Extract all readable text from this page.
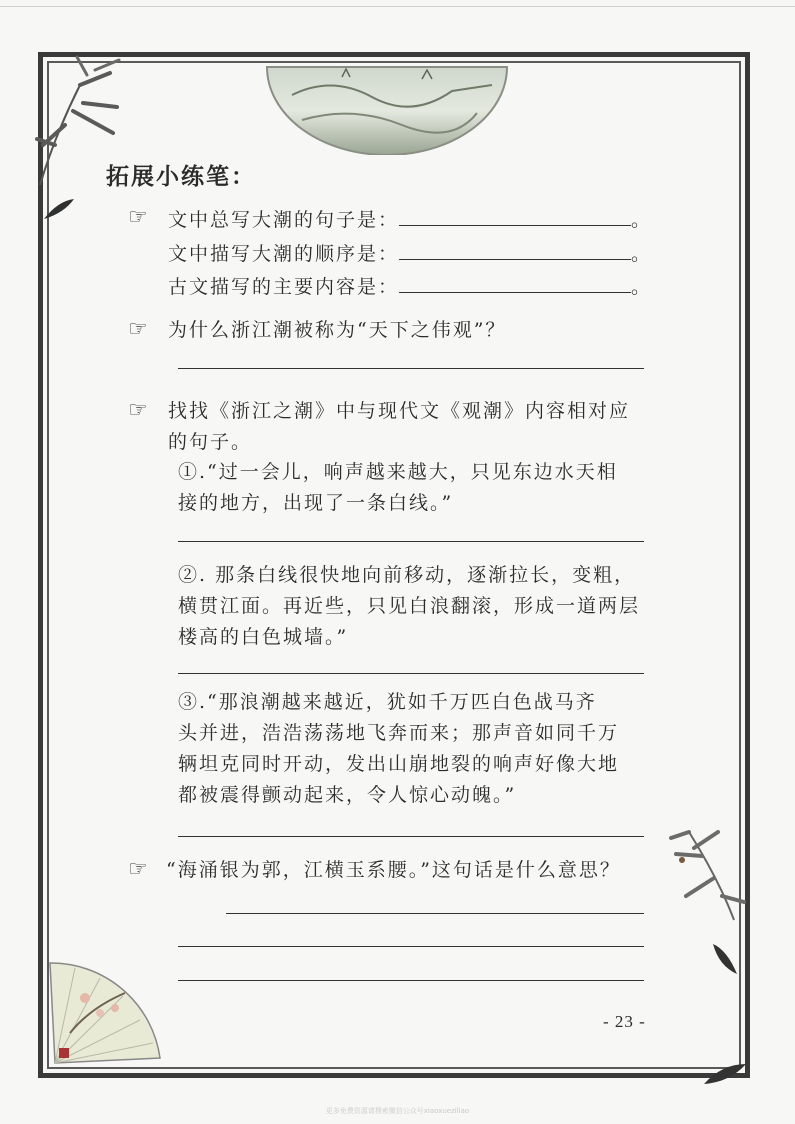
拓展小练笔：
☞ 文中总写大潮的句子是：	。
文中描写大潮的顺序是：	。
古文描写的主要内容是：	。
☞ 为什么浙江潮被称为“天下之伟观”？
☞ 找找《浙江之潮》中与现代文《观潮》内容相对应
的句子。
①.“过一会儿，响声越来越大，只见东边水天相
接的地方，出现了一条白线。”
②. 那条白线很快地向前移动，逐渐拉长，变粗，
横贯江面。再近些，只见白浪翻滚，形成一道两层
楼高的白色城墙。”
③.“那浪潮越来越近，犹如千万匹白色战马齐
头并进，浩浩荡荡地飞奔而来；那声音如同千万
辆坦克同时开动，发出山崩地裂的响声好像大地
都被震得颤动起来，令人惊心动魄。”
☞ “海涌银为郭，江横玉系腰。”这句话是什么意思？
- 23 -
更多免费资源请搜索微信公众号xiaoxueziliao
